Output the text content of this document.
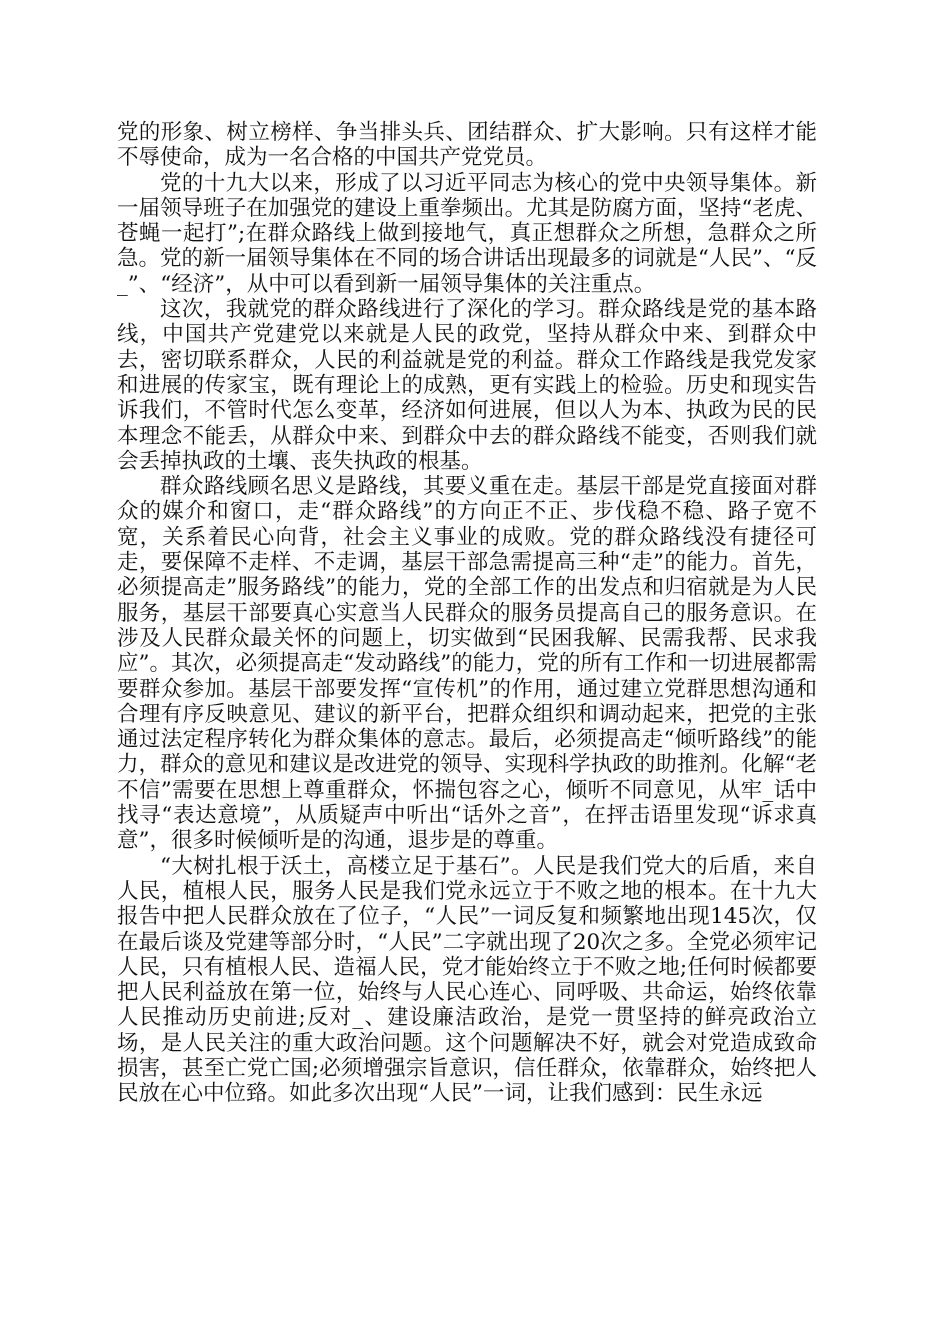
党的形象、树立榜样、争当排头兵、团结群众、扩大影响。只有这样才能不辱使命，成为一名合格的中国共产党党员。

党的十九大以来，形成了以习近平同志为核心的党中央领导集体。新一届领导班子在加强党的建设上重拳频出。尤其是防腐方面，坚持“老虎、苍蝇一起打”;在群众路线上做到接地气，真正想群众之所想，急群众之所急。党的新一届领导集体在不同的场合讲话出现最多的词就是“人民”、“反_”、“经济”，从中可以看到新一届领导集体的关注重点。

这次，我就党的群众路线进行了深化的学习。群众路线是党的基本路线，中国共产党建党以来就是人民的政党，坚持从群众中来、到群众中去，密切联系群众，人民的利益就是党的利益。群众工作路线是我党发家和进展的传家宝，既有理论上的成熟，更有实践上的检验。历史和现实告诉我们，不管时代怎么变革，经济如何进展，但以人为本、执政为民的民本理念不能丢，从群众中来、到群众中去的群众路线不能变，否则我们就会丢掉执政的土壤、丧失执政的根基。

群众路线顾名思义是路线，其要义重在走。基层干部是党直接面对群众的媒介和窗口，走“群众路线”的方向正不正、步伐稳不稳、路子宽不宽，关系着民心向背，社会主义事业的成败。党的群众路线没有捷径可走，要保障不走样、不走调，基层干部急需提高三种“走”的能力。首先，必须提高走”服务路线”的能力，党的全部工作的出发点和归宿就是为人民服务，基层干部要真心实意当人民群众的服务员提高自己的服务意识。在涉及人民群众最关怀的问题上，切实做到“民困我解、民需我帮、民求我应”。其次，必须提高走“发动路线”的能力，党的所有工作和一切进展都需要群众参加。基层干部要发挥“宣传机”的作用，通过建立党群思想沟通和合理有序反映意见、建议的新平台，把群众组织和调动起来，把党的主张通过法定程序转化为群众集体的意志。最后，必须提高走“倾听路线”的能力，群众的意见和建议是改进党的领导、实现科学执政的助推剂。化解“老不信”需要在思想上尊重群众，怀揣包容之心，倾听不同意见，从牢_话中找寻“表达意境”，从质疑声中听出“话外之音”，在抨击语里发现“诉求真意”，很多时候倾听是的沟通，退步是的尊重。

“大树扎根于沃土，高楼立足于基石”。人民是我们党大的后盾，来自人民，植根人民，服务人民是我们党永远立于不败之地的根本。在十九大报告中把人民群众放在了位子，“人民”一词反复和频繁地出现145次，仅在最后谈及党建等部分时，“人民”二字就出现了20次之多。全党必须牢记人民，只有植根人民、造福人民，党才能始终立于不败之地;任何时候都要把人民利益放在第一位，始终与人民心连心、同呼吸、共命运，始终依靠人民推动历史前进;反对_、建设廉洁政治，是党一贯坚持的鲜亮政治立场，是人民关注的重大政治问题。这个问题解决不好，就会对党造成致命损害，甚至亡党亡国;必须增强宗旨意识，信任群众，依靠群众，始终把人民放在心中位臵。如此多次出现“人民”一词，让我们感到：民生永远
